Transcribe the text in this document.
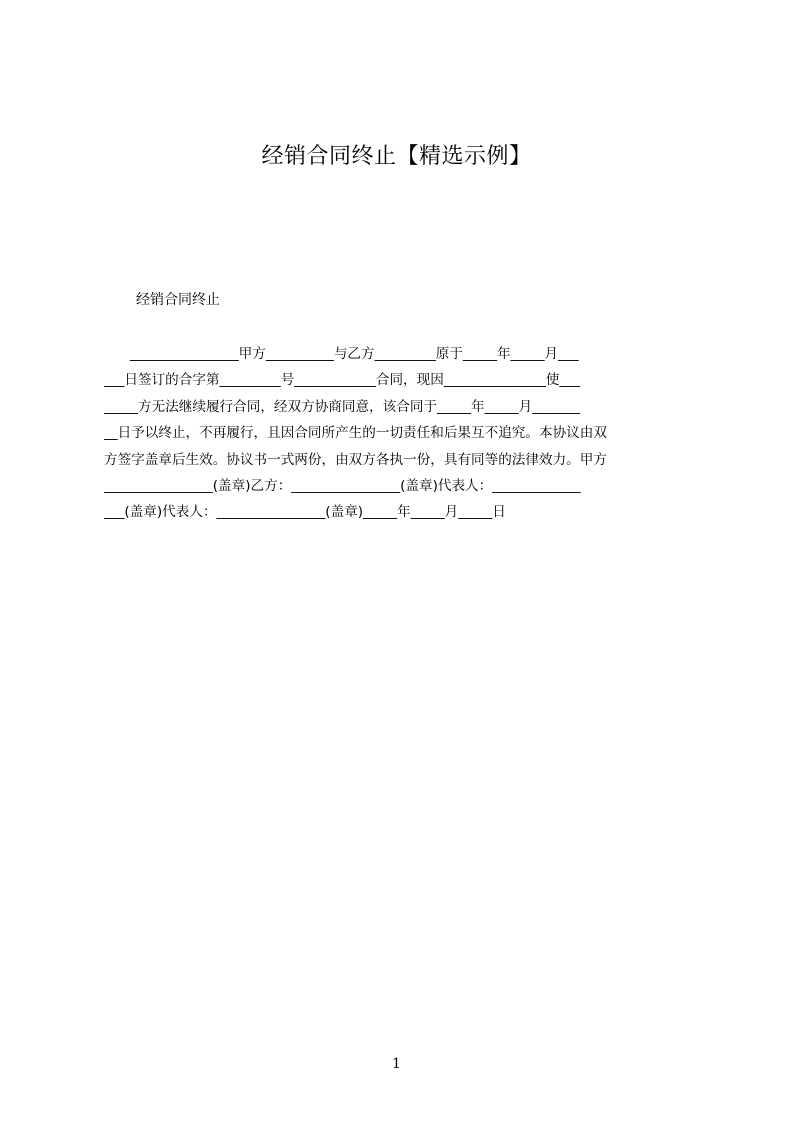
经销合同终止【精选示例】
经销合同终止
________________甲方__________与乙方_________原于_____年_____月___
___日签订的合字第_________号____________合同，现因_______________使___
_____方无法继续履行合同，经双方协商同意，该合同于_____年_____月_______
__日予以终止，不再履行，且因合同所产生的一切责任和后果互不追究。本协议由双
方签字盖章后生效。协议书一式两份，由双方各执一份，具有同等的法律效力。甲方
________________(盖章)乙方：________________(盖章)代表人：_____________
___(盖章)代表人：________________(盖章)_____年_____月_____日
1
